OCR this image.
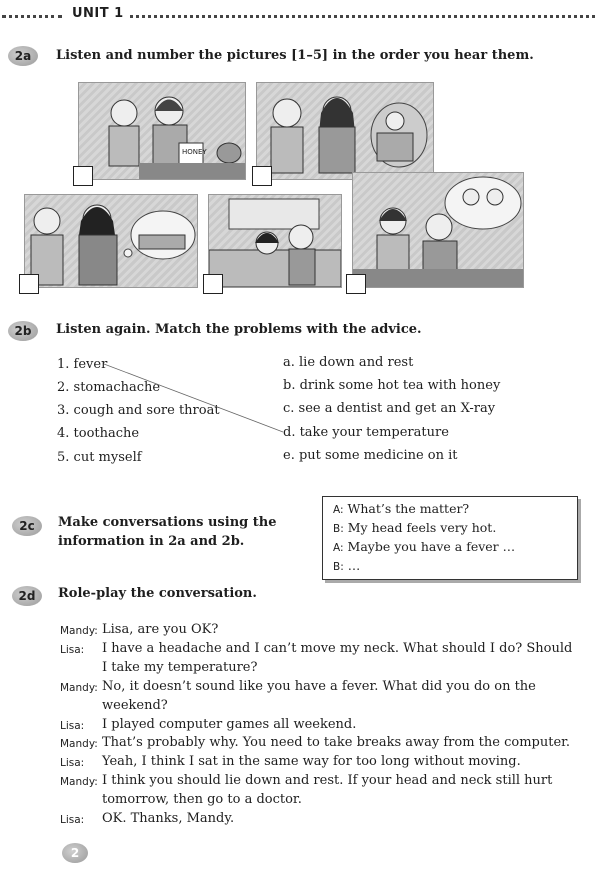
UNIT 1
2a	Listen and number the pictures [1–5] in the order you hear them.
HONEY
2b	Listen again. Match the problems with the advice.
1. fever
2. stomachache
3. cough and sore throat
4. toothache
5. cut myself
a. lie down and rest
b. drink some hot tea with honey
c. see a dentist and get an X-ray
d. take your temperature
e. put some medicine on it
2c	Make conversations using the
information in 2a and 2b.
A: What’s the matter?
B: My head feels very hot.
A: Maybe you have a fever …
B: …
2d	Role-play the conversation.
Mandy: Lisa, are you OK?
Lisa:	I have a headache and I can’t move my neck. What should I do? Should
I take my temperature?
Mandy: No, it doesn’t sound like you have a fever. What did you do on the
weekend?
Lisa:	I played computer games all weekend.
Mandy: That’s probably why. You need to take breaks away from the computer.
Lisa:	Yeah, I think I sat in the same way for too long without moving.
Mandy: I think you should lie down and rest. If your head and neck still hurt
tomorrow, then go to a doctor.
Lisa:	OK. Thanks, Mandy.
2
